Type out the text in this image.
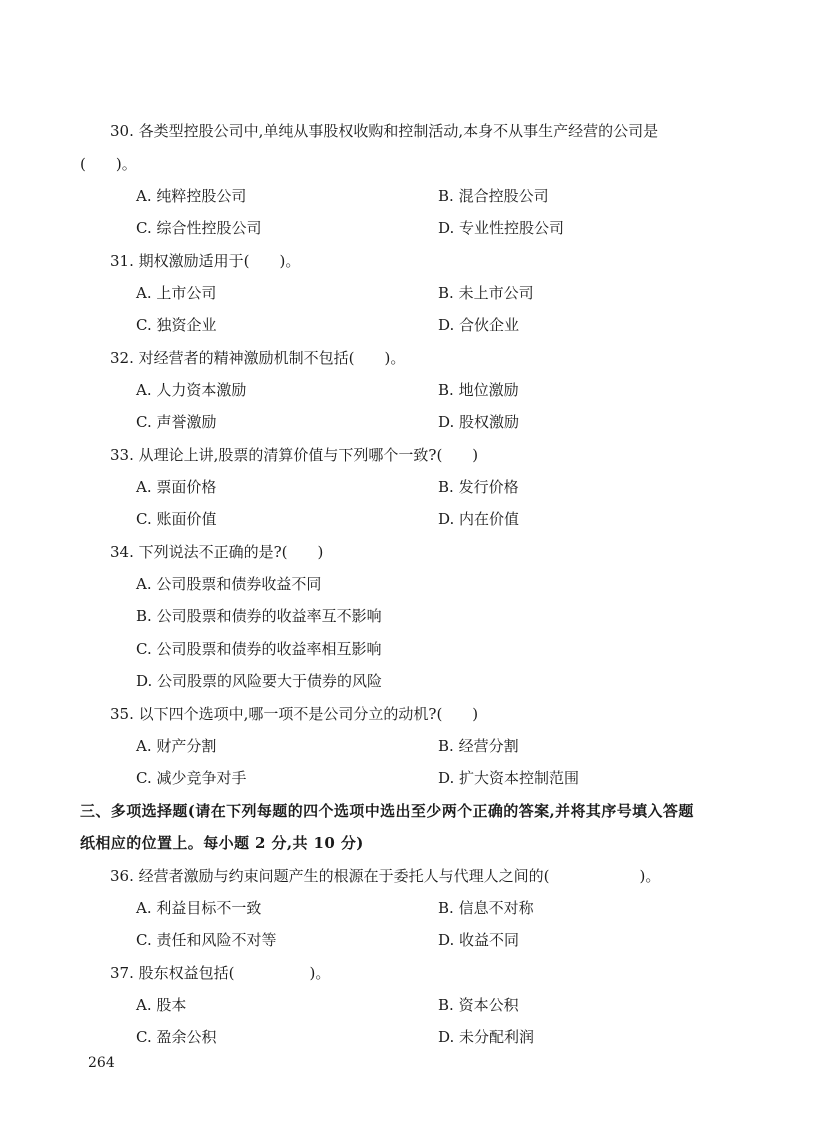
30. 各类型控股公司中,单纯从事股权收购和控制活动,本身不从事生产经营的公司是
(　　)。
A. 纯粹控股公司	B. 混合控股公司
C. 综合性控股公司	D. 专业性控股公司
31. 期权激励适用于(　　)。
A. 上市公司	B. 未上市公司
C. 独资企业	D. 合伙企业
32. 对经营者的精神激励机制不包括(　　)。
A. 人力资本激励	B. 地位激励
C. 声誉激励	D. 股权激励
33. 从理论上讲,股票的清算价值与下列哪个一致?(　　)
A. 票面价格	B. 发行价格
C. 账面价值	D. 内在价值
34. 下列说法不正确的是?(　　)
A. 公司股票和债券收益不同
B. 公司股票和债券的收益率互不影响
C. 公司股票和债券的收益率相互影响
D. 公司股票的风险要大于债券的风险
35. 以下四个选项中,哪一项不是公司分立的动机?(　　)
A. 财产分割	B. 经营分割
C. 减少竞争对手	D. 扩大资本控制范围
三、多项选择题(请在下列每题的四个选项中选出至少两个正确的答案,并将其序号填入答题
纸相应的位置上。每小题 2 分,共 10 分)
36. 经营者激励与约束问题产生的根源在于委托人与代理人之间的(　　　　　　)。
A. 利益目标不一致	B. 信息不对称
C. 责任和风险不对等	D. 收益不同
37. 股东权益包括(　　　　　)。
A. 股本	B. 资本公积
C. 盈余公积	D. 未分配利润
264
